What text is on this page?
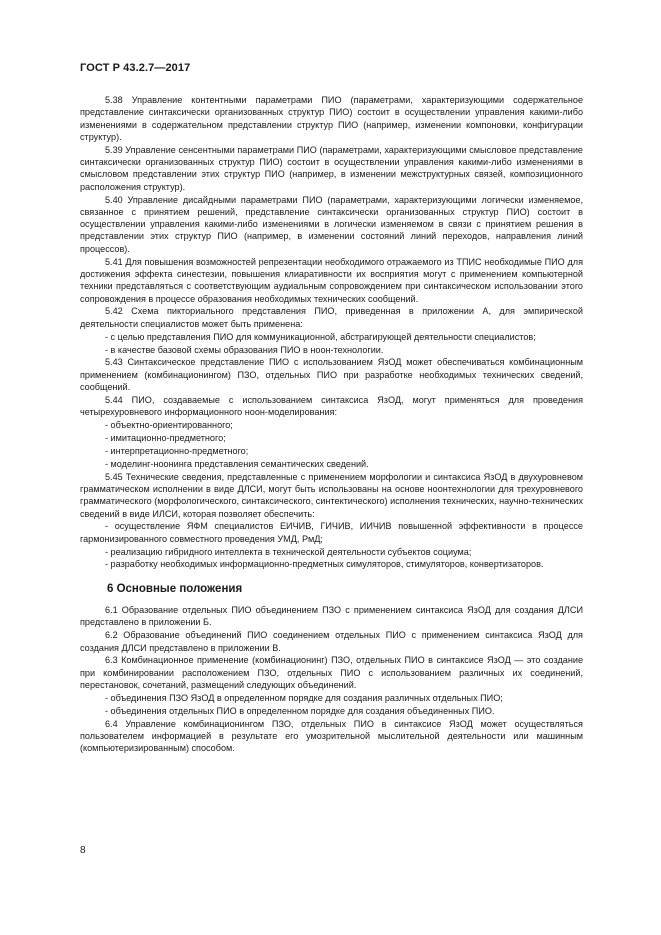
ГОСТ Р 43.2.7—2017

5.38 Управление контентными параметрами ПИО (параметрами, характеризующими содержательное представление синтаксически организованных структур ПИО) состоит в осуществлении управления какими-либо изменениями в содержательном представлении структур ПИО (например, изменении компоновки, конфигурации структур).

5.39 Управление сенсентными параметрами ПИО (параметрами, характеризующими смысловое представление синтаксически организованных структур ПИО) состоит в осуществлении управления какими-либо изменениями в смысловом представлении этих структур ПИО (например, в изменении межструктурных связей, композиционного расположения структур).

5.40 Управление дисайдными параметрами ПИО (параметрами, характеризующими логически изменяемое, связанное с принятием решений, представление синтаксически организованных структур ПИО) состоит в осуществлении управления какими-либо изменениями в логически изменяемом в связи с принятием решения в представлении этих структур ПИО (например, в изменении состояний линий переходов, направления линий процессов).

5.41 Для повышения возможностей репрезентации необходимого отражаемого из ТПИС необходимые ПИО для достижения эффекта синестезии, повышения клиаративности их восприятия могут с применением компьютерной техники представляться с соответствующим аудиальным сопровождением при синтаксическом использовании этого сопровождения в процессе образования необходимых технических сообщений.

5.42 Схема пикториального представления ПИО, приведенная в приложении А, для эмпирической деятельности специалистов может быть применена:

- с целью представления ПИО для коммуникационной, абстрагирующей деятельности специалистов;

- в качестве базовой схемы образования ПИО в ноон-технологии.

5.43 Синтаксическое представление ПИО с использованием ЯзОД может обеспечиваться комбинационным применением (комбинационингом) ПЗО, отдельных ПИО при разработке необходимых технических сведений, сообщений.

5.44 ПИО, создаваемые с использованием синтаксиса ЯзОД, могут применяться для проведения четырехуровневого информационного ноон-моделирования:

- объектно-ориентированного;

- имитационно-предметного;

- интерпретационно-предметного;

- моделинг-ноонинга представления семантических сведений.

5.45 Технические сведения, представленные с применением морфологии и синтаксиса ЯзОД в двухуровневом грамматическом исполнении в виде ДЛСИ, могут быть использованы на основе ноонтехнологии для трехуровневого грамматического (морфологического, синтаксического, синтектического) исполнения технических, научно-технических сведений в виде ИЛСИ, которая позволяет обеспечить:

- осуществление ЯФМ специалистов ЕИЧИВ, ГИЧИВ, ИИЧИВ повышенной эффективности в процессе гармонизированного совместного проведения УМД, РмД;

- реализацию гибридного интеллекта в технической деятельности субъектов социума;

- разработку необходимых информационно-предметных симуляторов, стимуляторов, конвертизаторов.

6 Основные положения

6.1 Образование отдельных ПИО объединением ПЗО с применением синтаксиса ЯзОД для создания ДЛСИ представлено в приложении Б.

6.2 Образование объединений ПИО соединением отдельных ПИО с применением синтаксиса ЯзОД для создания ДЛСИ представлено в приложении В.

6.3 Комбинационное применение (комбинационинг) ПЗО, отдельных ПИО в синтаксисе ЯзОД — это создание при комбинировании расположением ПЗО, отдельных ПИО с использованием различных их соединений, перестановок, сочетаний, размещений следующих объединений.

- объединения ПЗО ЯзОД в определенном порядке для создания различных отдельных ПИО;

- объединения отдельных ПИО в определенном порядке для создания объединенных ПИО.

6.4 Управление комбинационингом ПЗО, отдельных ПИО в синтаксисе ЯзОД может осуществляться пользователем информацией в результате его умозрительной мыслительной деятельности или машинным (компьютеризированным) способом.

8
